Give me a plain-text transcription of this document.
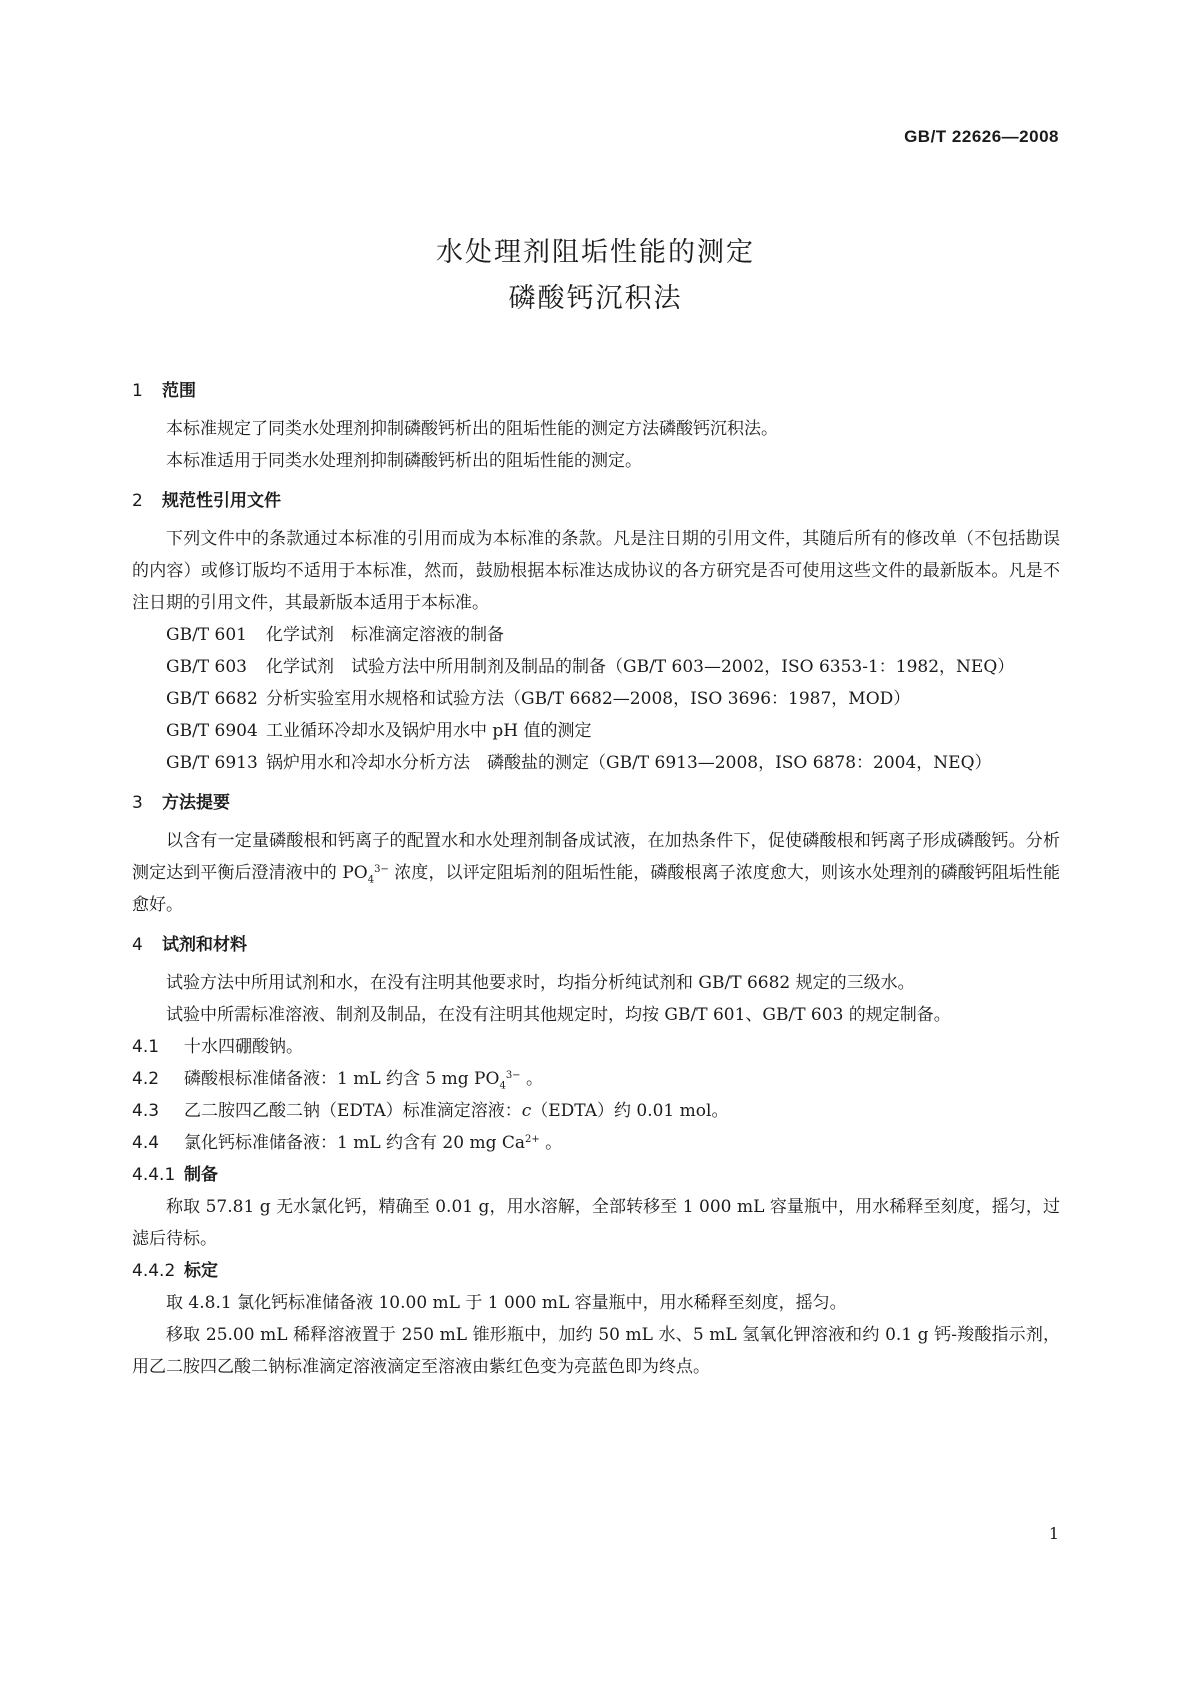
GB/T 22626—2008
水处理剂阻垢性能的测定
磷酸钙沉积法
1 范围

本标准规定了同类水处理剂抑制磷酸钙析出的阻垢性能的测定方法磷酸钙沉积法。

本标准适用于同类水处理剂抑制磷酸钙析出的阻垢性能的测定。

2 规范性引用文件

下列文件中的条款通过本标准的引用而成为本标准的条款。凡是注日期的引用文件，其随后所有的修改单（不包括勘误的内容）或修订版均不适用于本标准，然而，鼓励根据本标准达成协议的各方研究是否可使用这些文件的最新版本。凡是不注日期的引用文件，其最新版本适用于本标准。

GB/T 601 化学试剂　标准滴定溶液的制备
GB/T 603 化学试剂　试验方法中所用制剂及制品的制备（GB/T 603—2002，ISO 6353-1：1982，NEQ）
GB/T 6682 分析实验室用水规格和试验方法（GB/T 6682—2008，ISO 3696：1987，MOD）
GB/T 6904 工业循环冷却水及锅炉用水中 pH 值的测定
GB/T 6913 锅炉用水和冷却水分析方法　磷酸盐的测定（GB/T 6913—2008，ISO 6878：2004，NEQ）
3 方法提要

以含有一定量磷酸根和钙离子的配置水和水处理剂制备成试液，在加热条件下，促使磷酸根和钙离子形成磷酸钙。分析测定达到平衡后澄清液中的 $PO_4^{3-}$ 浓度，以评定阻垢剂的阻垢性能，磷酸根离子浓度愈大，则该水处理剂的磷酸钙阻垢性能愈好。

4 试剂和材料

试验方法中所用试剂和水，在没有注明其他要求时，均指分析纯试剂和 GB/T 6682 规定的三级水。

试验中所需标准溶液、制剂及制品，在没有注明其他规定时，均按 GB/T 601、GB/T 603 的规定制备。

4.1 十水四硼酸钠。
4.2 磷酸根标准储备液：1 mL 约含 5 mg $PO_4^{3-}$ 。
4.3 乙二胺四乙酸二钠（EDTA）标准滴定溶液：c（EDTA）约 0.01 mol。
4.4 氯化钙标准储备液：1 mL 约含有 20 mg $Ca^{2+}$ 。
4.4.1 制备

称取 57.81 g 无水氯化钙，精确至 0.01 g，用水溶解，全部转移至 1 000 mL 容量瓶中，用水稀释至刻度，摇匀，过滤后待标。

4.4.2 标定

取 4.8.1 氯化钙标准储备液 10.00 mL 于 1 000 mL 容量瓶中，用水稀释至刻度，摇匀。

移取 25.00 mL 稀释溶液置于 250 mL 锥形瓶中，加约 50 mL 水、5 mL 氢氧化钾溶液和约 0.1 g 钙-羧酸指示剂，用乙二胺四乙酸二钠标准滴定溶液滴定至溶液由紫红色变为亮蓝色即为终点。

1
